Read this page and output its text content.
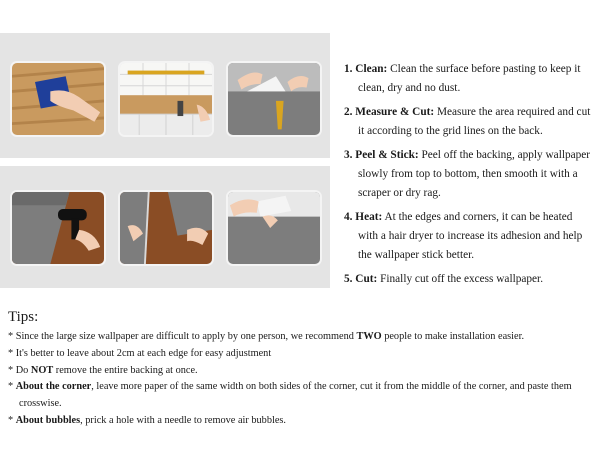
1. Clean: Clean the surface before pasting to keep it clean, dry and no dust.
2. Measure & Cut: Measure the area required and cut it according to the grid lines on the back.
3. Peel & Stick: Peel off the backing, apply wallpaper slowly from top to bottom, then smooth it with a scraper or dry rag.
4. Heat: At the edges and corners, it can be heated with a hair dryer to increase its adhesion and help the wallpaper stick better.
5. Cut: Finally cut off the excess wallpaper.
Tips:
* Since the large size wallpaper are difficult to apply by one person, we recommend TWO people to make installation easier.
* It's better to leave about 2cm at each edge for easy adjustment
* Do NOT remove the entire backing at once.
* About the corner, leave more paper of the same width on both sides of the corner, cut it from the middle of the corner, and paste them crosswise.
* About bubbles, prick a hole with a needle to remove air bubbles.
